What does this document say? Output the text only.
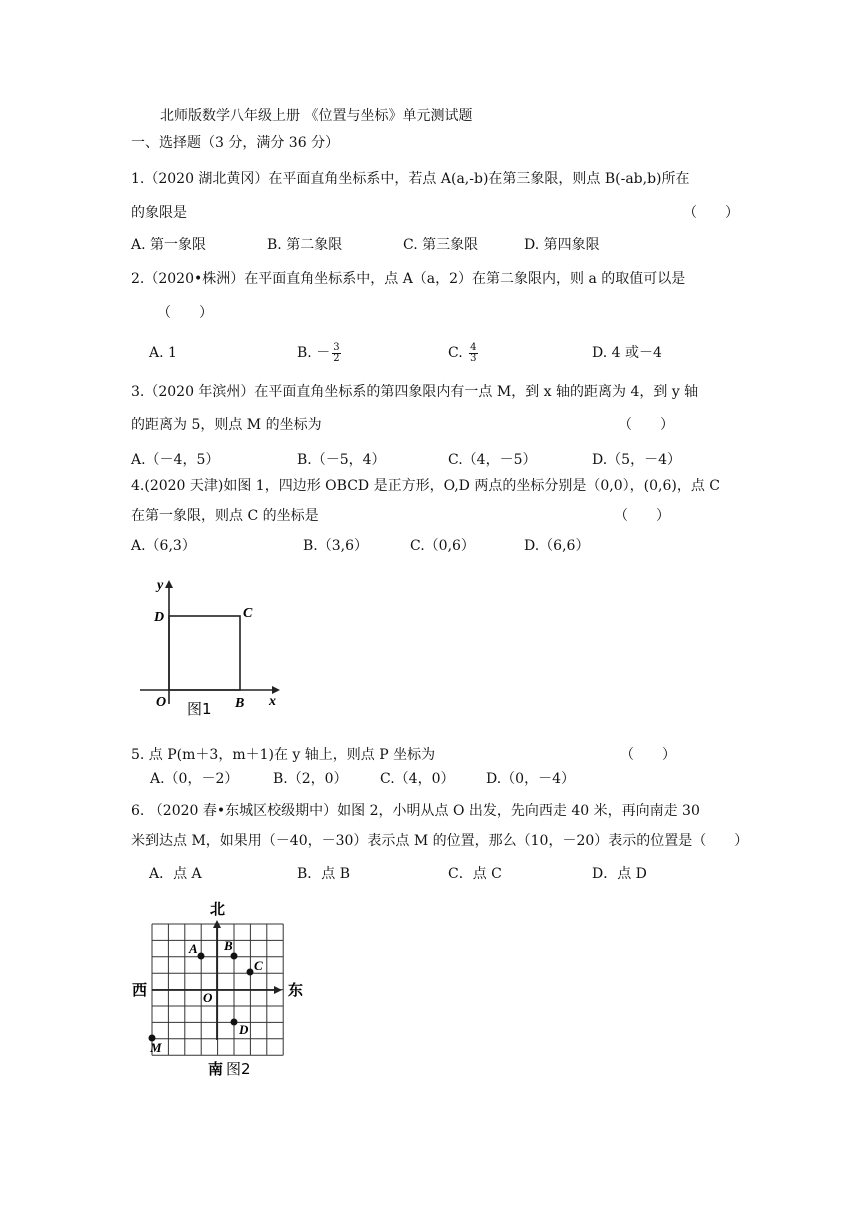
北师版数学八年级上册 《位置与坐标》单元测试题
一、选择题（3 分，满分 36 分）
1.（2020 湖北黄冈）在平面直角坐标系中，若点 A(a,-b)在第三象限，则点 B(-ab,b)所在
的象限是	（　　）
A. 第一象限	B. 第二象限	C. 第三象限	D. 第四象限
2.（2020•株洲）在平面直角坐标系中，点 A（a，2）在第二象限内，则 a 的取值可以是
（　　）
A. 1	B. － $\frac{3}{2}$	C. $\frac{4}{3}$	D. 4 或－4
3.（2020 年滨州）在平面直角坐标系的第四象限内有一点 M，到 x 轴的距离为 4，到 y 轴
的距离为 5，则点 M 的坐标为	（　　）
A.（－4，5）	B.（－5，4）	C.（4，－5）	D.（5，－4）
4.(2020 天津)如图 1，四边形 OBCD 是正方形，O,D 两点的坐标分别是（0,0），(0,6)，点 C
在第一象限，则点 C 的坐标是	（　　）
A.（6,3）	B.（3,6）	C.（0,6）	D.（6,6）
y
x
D	C
O	B
图1
5. 点 P(m＋3，m＋1)在 y 轴上，则点 P 坐标为	（　　）
A.（0，－2） B.（2，0） C.（4，0） D.（0，－4）
6. （2020 春•东城区校级期中）如图 2，小明从点 O 出发，先向西走 40 米，再向南走 30
米到达点 M，如果用（－40，－30）表示点 M 的位置，那么（10，－20）表示的位置是（　　）
A．点 A	B．点 B	C．点 C	D．点 D
北
西	东
A B
C
D
O
M
南 图2
